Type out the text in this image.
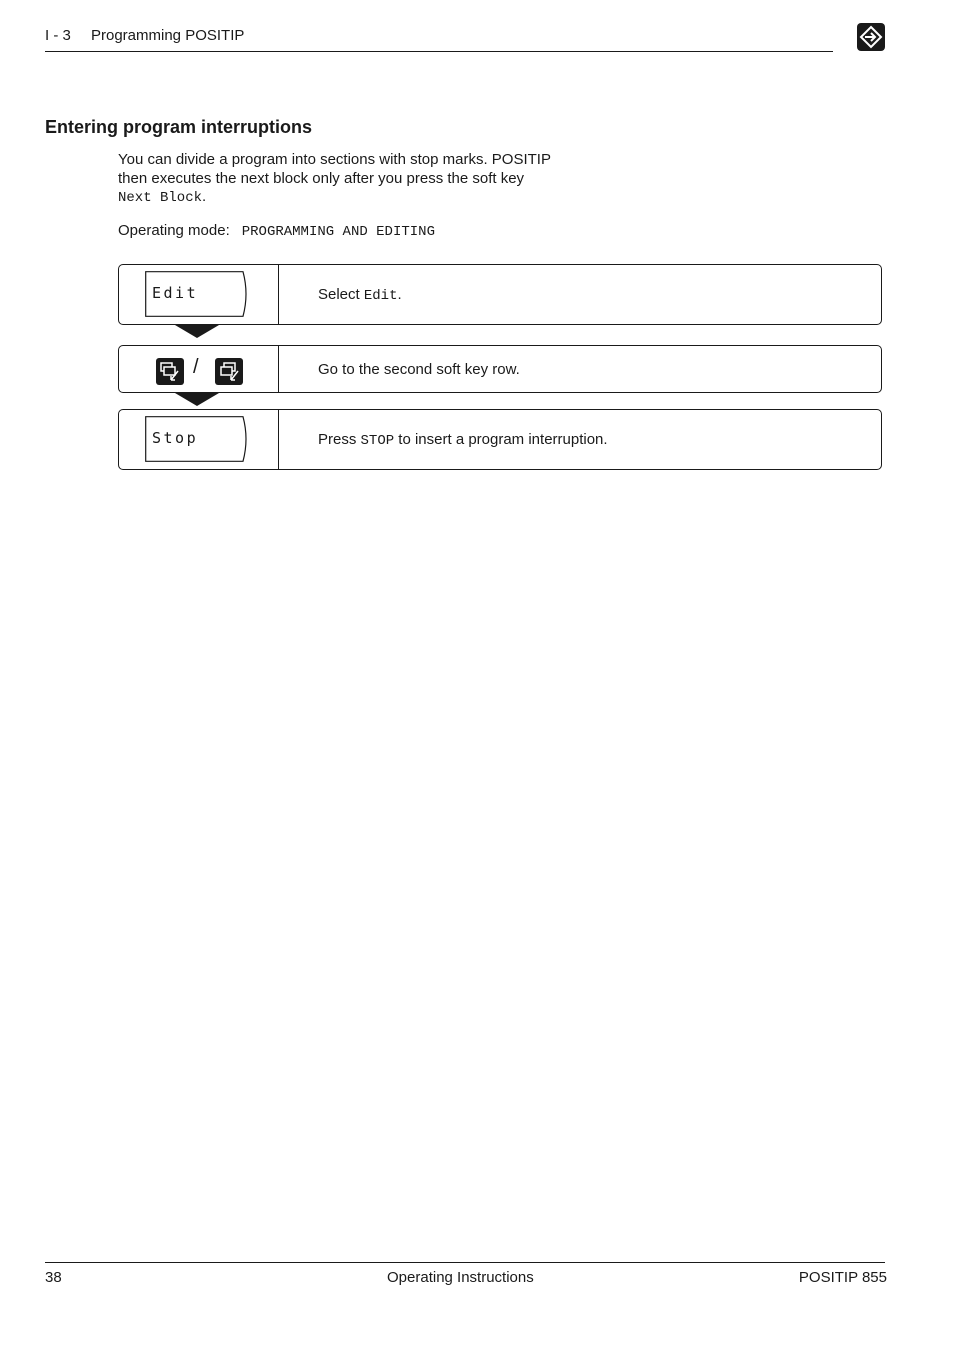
I - 3 Programming POSITIP
Entering program interruptions
You can divide a program into sections with stop marks. POSITIP
then executes the next block only after you press the soft key
Next Block.
Operating mode: PROGRAMMING AND EDITING
Edit	Select Edit.
/	Go to the second soft key row.
Stop	Press STOP to insert a program interruption.
38	Operating Instructions	POSITIP 855
